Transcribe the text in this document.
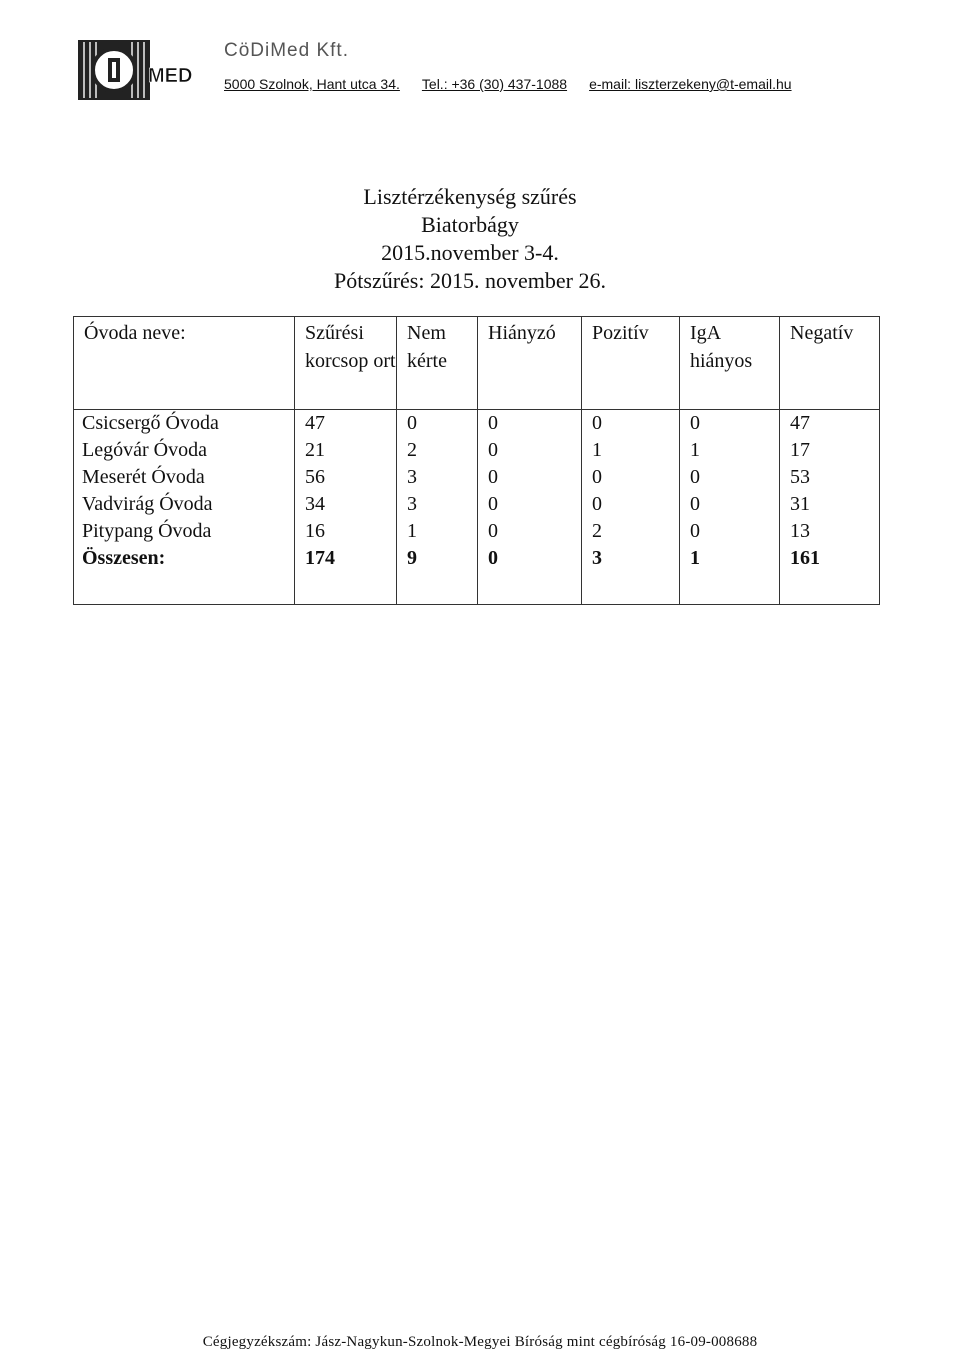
MED
CöDiMed Kft.
5000 Szolnok, Hant utca 34. Tel.: +36 (30) 437-1088 e-mail: liszterzekeny@t-email.hu
Lisztérzékenység szűrés
Biatorbágy
2015.november 3-4.
Pótszűrés: 2015. november 26.
Óvoda neve:	Szűrési korcsop ort	Nem kérte	Hiányzó	Pozitív	IgA hiányos	Negatív
Csicsergő Óvoda	47	0	0	0	0	47
Legóvár Óvoda	21	2	0	1	1	17
Meserét Óvoda	56	3	0	0	0	53
Vadvirág Óvoda	34	3	0	0	0	31
Pitypang Óvoda	16	1	0	2	0	13
Összesen:	174	9	0	3	1	161
Cégjegyzékszám: Jász-Nagykun-Szolnok-Megyei Bíróság mint cégbíróság 16-09-008688
